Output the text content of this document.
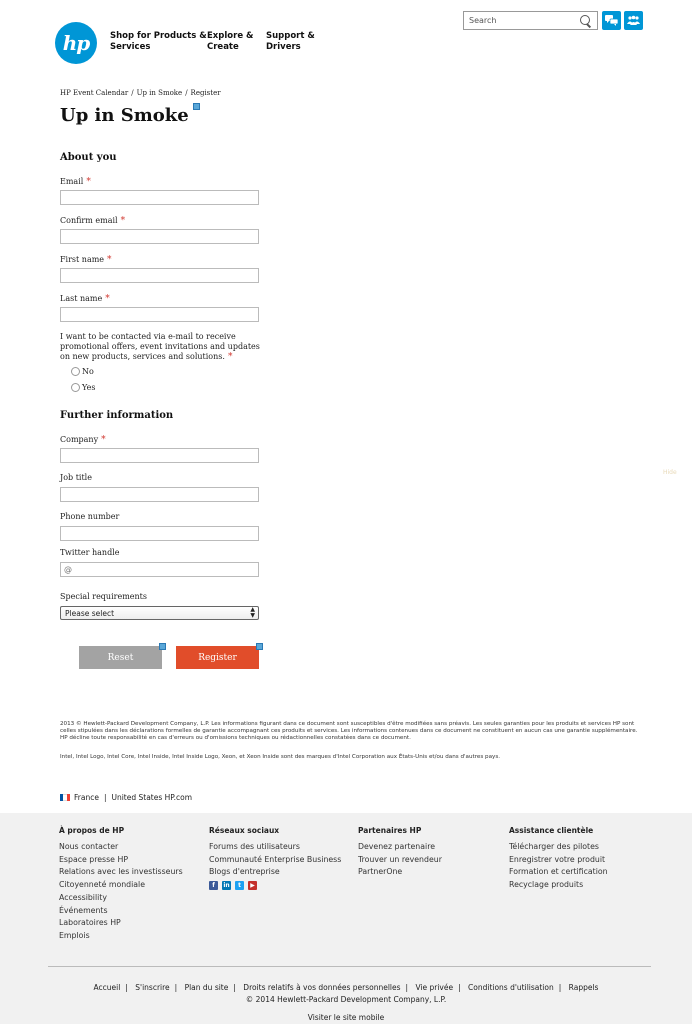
hp Shop for Products &
Services
Explore &
Create
Support &
Drivers
Search
HP Event Calendar / Up in Smoke / Register
Up in Smoke
About you
Email *
Confirm email *
First name *
Last name *
I want to be contacted via e-mail to receive promotional offers, event invitations and updates on new products, services and solutions. *
No
Yes
Further information
Company *
Job title
Phone number
Twitter handle
@
Special requirements
Please select	▲
▼
Reset	Register
Hide
2013 © Hewlett-Packard Development Company, L.P. Les informations figurant dans ce document sont susceptibles d'être modifiées sans préavis. Les seules garanties pour les produits et services HP sont celles stipulées dans les déclarations formelles de garantie accompagnant ces produits et services. Les informations contenues dans ce document ne constituent en aucun cas une garantie supplémentaire. HP décline toute responsabilité en cas d'erreurs ou d'omissions techniques ou rédactionnelles constatées dans ce document.
Intel, Intel Logo, Intel Core, Intel Inside, Intel Inside Logo, Xeon, et Xeon Inside sont des marques d'Intel Corporation aux États-Unis et/ou dans d'autres pays.
France | United States HP.com
À propos de HP
Nous contacter
Espace presse HP
Relations avec les investisseurs
Citoyenneté mondiale
Accessibility
Événements
Laboratoires HP
Emplois
Réseaux sociaux
Forums des utilisateurs
Communauté Enterprise Business
Blogs d'entreprise
f	in	t	▶
Partenaires HP
Devenez partenaire
Trouver un revendeur
PartnerOne
Assistance clientèle
Télécharger des pilotes
Enregistrer votre produit
Formation et certification
Recyclage produits
Accueil | S'inscrire | Plan du site | Droits relatifs à vos données personnelles | Vie privée | Conditions d'utilisation | Rappels
© 2014 Hewlett-Packard Development Company, L.P.
Visiter le site mobile
